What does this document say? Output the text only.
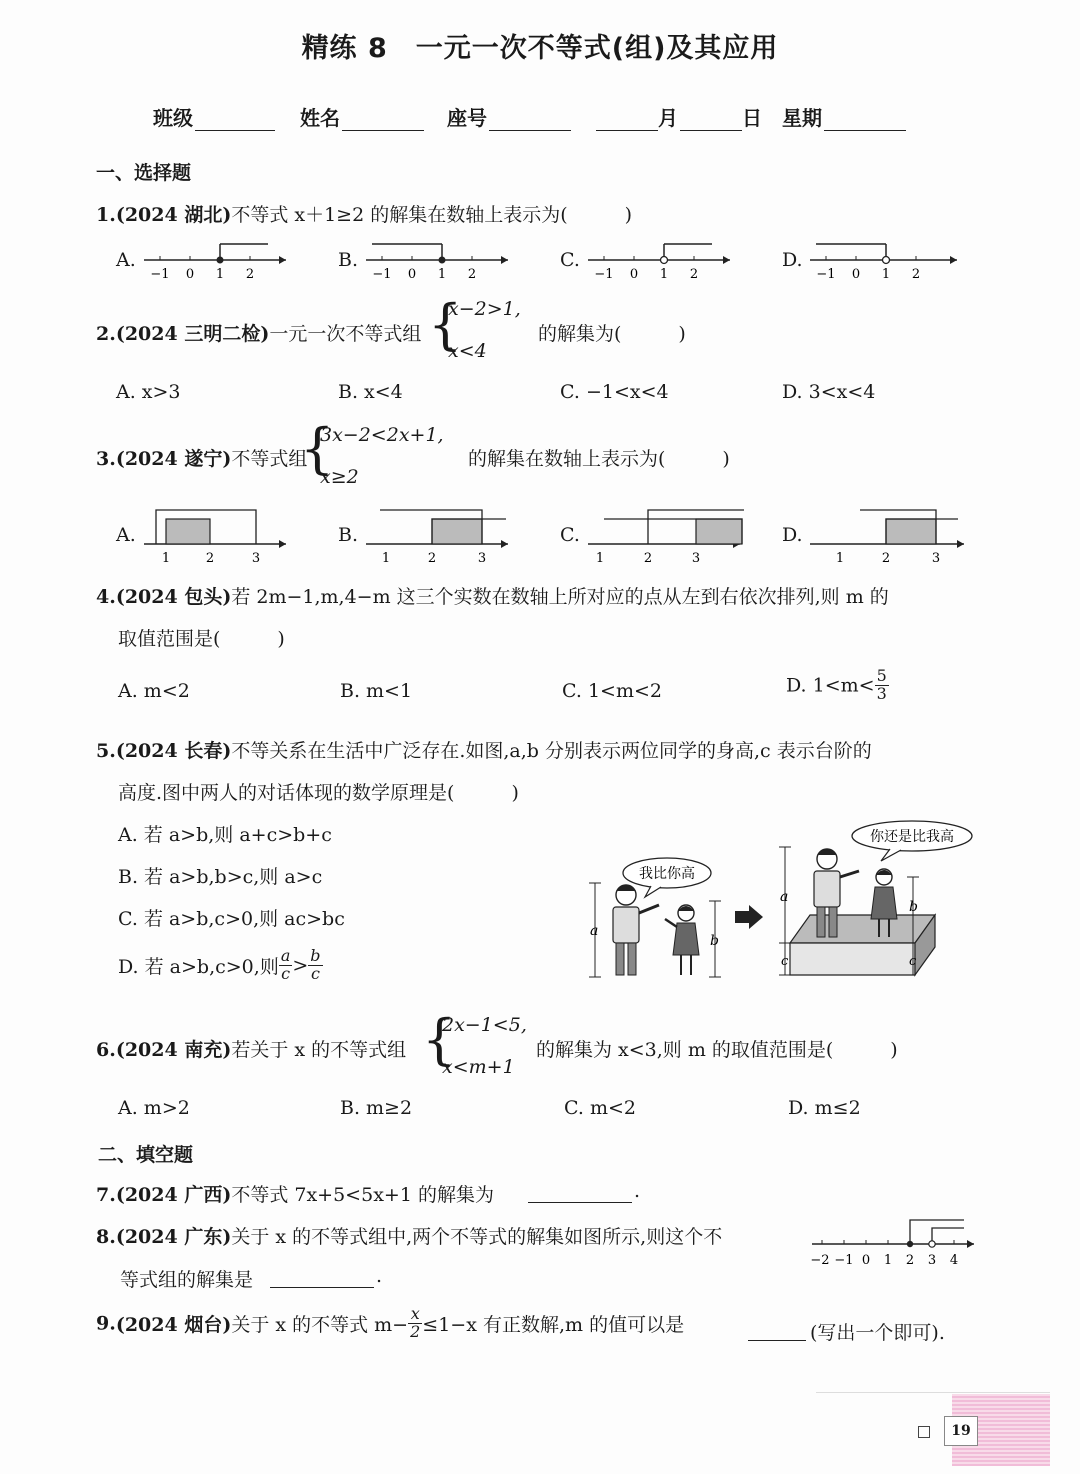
精练 8　一元一次不等式(组)及其应用
班级	姓名	座号	月	日 星期
一、选择题
1.(2024 湖北)不等式 x＋1≥2 的解集在数轴上表示为(　　　)
A.	B.	C.	D.
−1 0 1 2	−1 0 1 2	−1 0 1 2	−1 0 1 2
2.(2024 三明二检)一元一次不等式组 {
x−2>1,
x<4
的解集为(　　　)
A. x>3	B. x<4	C. −1<x<4	D. 3<x<4
3.(2024 遂宁)不等式组
{
3x−2<2x+1,
x≥2
的解集在数轴上表示为(　　　)
A.	B.	C.	D.
1	2	3	1	2	3	1	2	3	1	2	3
4.(2024 包头)若 2m−1,m,4−m 这三个实数在数轴上所对应的点从左到右依次排列,则 m 的
取值范围是(　　　)
A. m<2	B. m<1	C. 1<m<2	D. $1<m< \frac{5}{3}$
5.(2024 长春)不等关系在生活中广泛存在.如图,a,b 分别表示两位同学的身高,c 表示台阶的
高度.图中两人的对话体现的数学原理是(　　　)
A. 若 a>b,则 a+c>b+c
B. 若 a>b,b>c,则 a>c
C. 若 a>b,c>0,则 ac>bc
D. 若 a>b,c>0,则 $\frac{a}{c} > \frac{b}{c}$
a
b
我比你高
a
c
b
c
你还是比我高
6.(2024 南充)若关于 x 的不等式组 {
2x−1<5,
x<m+1
的解集为 x<3,则 m 的取值范围是(　　　)
A. m>2	B. m≥2	C. m<2	D. m≤2
二、填空题
7.(2024 广西)不等式 7x+5<5x+1 的解集为	.
8.(2024 广东)关于 x 的不等式组中,两个不等式的解集如图所示,则这个不
等式组的解集是	.
−2 −1 0 1 2 3 4
9.(2024 烟台)关于 x 的不等式 $m- \frac{x}{2} \le 1-x$ 有正数解,m 的值可以是	(写出一个即可).
19
